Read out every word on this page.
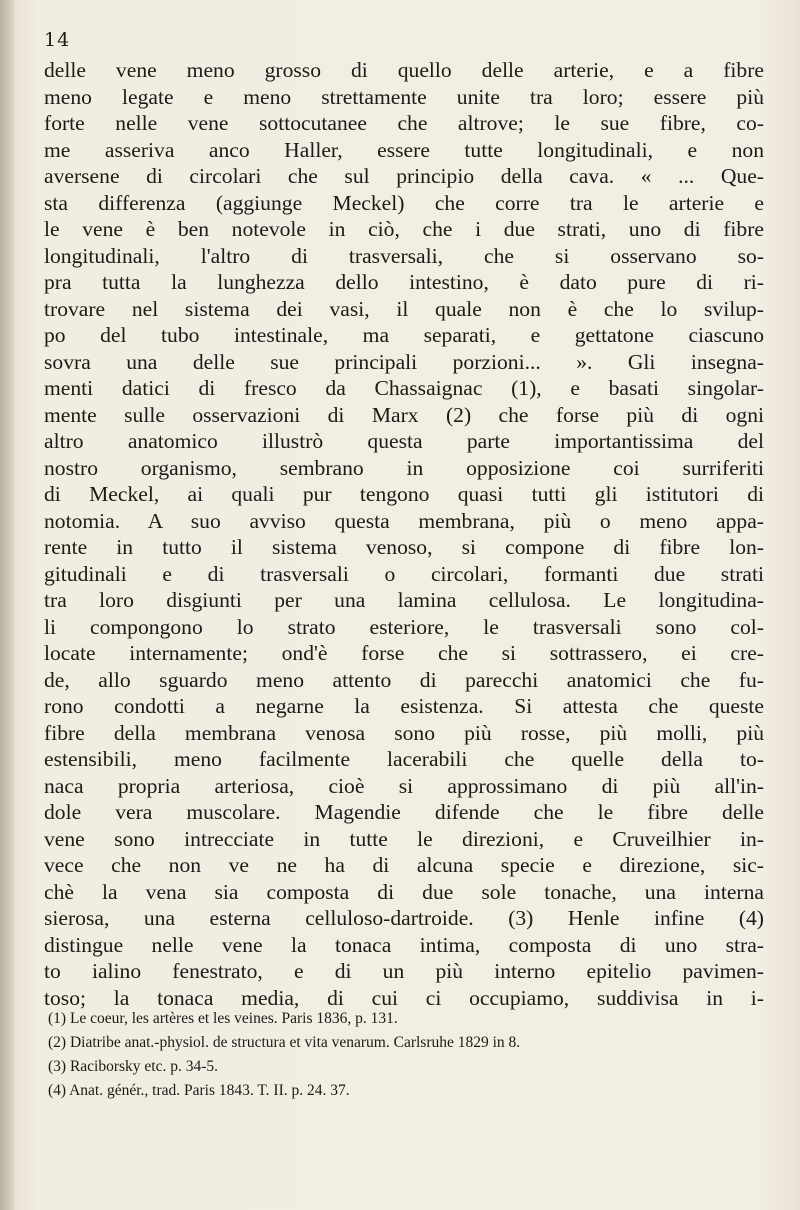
14
delle vene meno grosso di quello delle arterie, e a fibre
meno legate e meno strettamente unite tra loro; essere più
forte nelle vene sottocutanee che altrove; le sue fibre, co-
me asseriva anco Haller, essere tutte longitudinali, e non
aversene di circolari che sul principio della cava. « ... Que-
sta differenza (aggiunge Meckel) che corre tra le arterie e
le vene è ben notevole in ciò, che i due strati, uno di fibre
longitudinali, l'altro di trasversali, che si osservano so-
pra tutta la lunghezza dello intestino, è dato pure di ri-
trovare nel sistema dei vasi, il quale non è che lo svilup-
po del tubo intestinale, ma separati, e gettatone ciascuno
sovra una delle sue principali porzioni... ». Gli insegna-
menti datici di fresco da Chassaignac (1), e basati singolar-
mente sulle osservazioni di Marx (2) che forse più di ogni
altro anatomico illustrò questa parte importantissima del
nostro organismo, sembrano in opposizione coi surriferiti
di Meckel, ai quali pur tengono quasi tutti gli istitutori di
notomia. A suo avviso questa membrana, più o meno appa-
rente in tutto il sistema venoso, si compone di fibre lon-
gitudinali e di trasversali o circolari, formanti due strati
tra loro disgiunti per una lamina cellulosa. Le longitudina-
li compongono lo strato esteriore, le trasversali sono col-
locate internamente; ond'è forse che si sottrassero, ei cre-
de, allo sguardo meno attento di parecchi anatomici che fu-
rono condotti a negarne la esistenza. Si attesta che queste
fibre della membrana venosa sono più rosse, più molli, più
estensibili, meno facilmente lacerabili che quelle della to-
naca propria arteriosa, cioè si approssimano di più all'in-
dole vera muscolare. Magendie difende che le fibre delle
vene sono intrecciate in tutte le direzioni, e Cruveilhier in-
vece che non ve ne ha di alcuna specie e direzione, sic-
chè la vena sia composta di due sole tonache, una interna
sierosa, una esterna celluloso-dartroide. (3) Henle infine (4)
distingue nelle vene la tonaca intima, composta di uno stra-
to ialino fenestrato, e di un più interno epitelio pavimen-
toso; la tonaca media, di cui ci occupiamo, suddivisa in i-
(1) Le coeur, les artères et les veines. Paris 1836, p. 131.
(2) Diatribe anat.-physiol. de structura et vita venarum. Carlsruhe 1829 in 8.
(3) Raciborsky etc. p. 34-5.
(4) Anat. génér., trad. Paris 1843. T. II. p. 24. 37.
